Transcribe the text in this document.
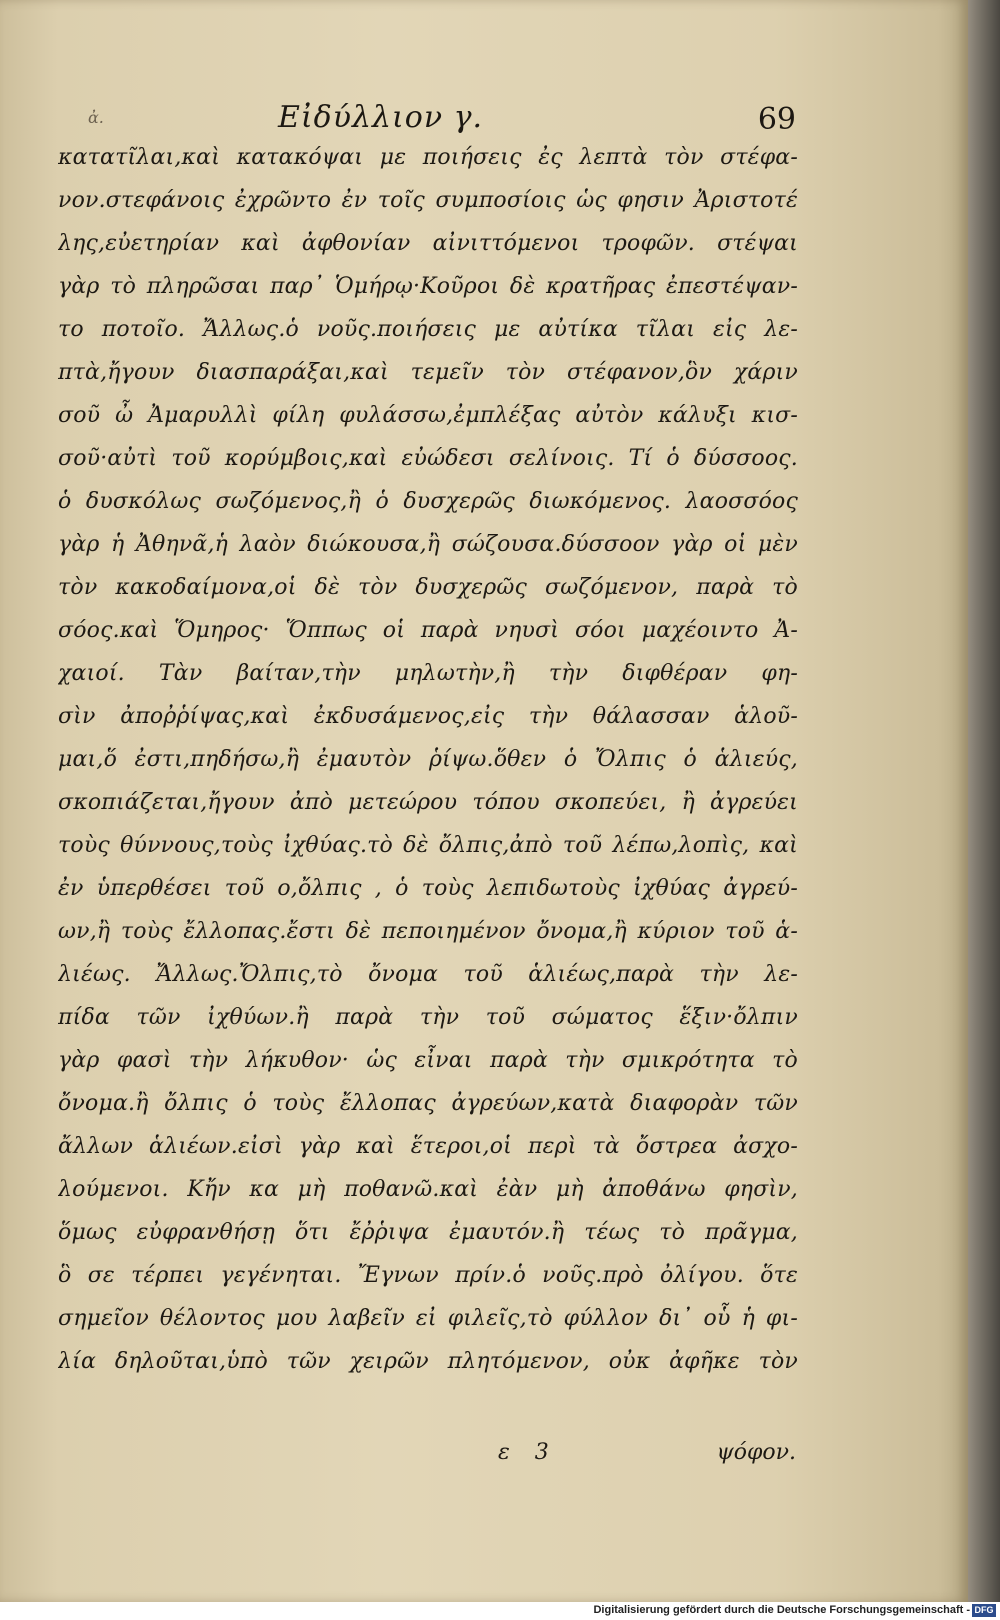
ἀ.	Εἰδύλλιον γ.	69
κατατῖλαι,καὶ κατακόψαι με ποιήσεις ἐς λεπτὰ τὸν στέφα-
νον.στεφάνοις ἐχρῶντο ἐν τοῖς συμποσίοις ὡς φησιν Ἀριστοτέ
λης,εὐετηρίαν καὶ ἀφθονίαν αἰνιττόμενοι τροφῶν. στέψαι
γὰρ τὸ πληρῶσαι παρ᾽ Ὁμήρῳ·Κοῦροι δὲ κρατῆρας ἐπεστέψαν-
το ποτοῖο. Ἄλλως.ὁ νοῦς.ποιήσεις με αὐτίκα τῖλαι εἰς λε-
πτὰ,ἤγουν διασπαράξαι,καὶ τεμεῖν τὸν στέφανον,ὃν χάριν
σοῦ ὦ Ἀμαρυλλὶ φίλη φυλάσσω,ἐμπλέξας αὐτὸν κάλυξι κισ-
σοῦ·αὐτὶ τοῦ κορύμβοις,καὶ εὐώδεσι σελίνοις. Τί ὁ δύσσοος.
ὁ δυσκόλως σωζόμενος,ἢ ὁ δυσχερῶς διωκόμενος. λαοσσόος
γὰρ ἡ Ἀθηνᾶ,ἡ λαὸν διώκουσα,ἢ σώζουσα.δύσσοον γὰρ οἱ μὲν
τὸν κακοδαίμονα,οἱ δὲ τὸν δυσχερῶς σωζόμενον, παρὰ τὸ
σόος.καὶ Ὅμηρος· Ὅππως οἱ παρὰ νηυσὶ σόοι μαχέοιντο Ἀ-
χαιοί. Τὰν βαίταν,τὴν μηλωτὴν,ἢ τὴν διφθέραν φη-
σὶν ἀποῤῥίψας,καὶ ἐκδυσάμενος,εἰς τὴν θάλασσαν ἁλοῦ-
μαι,ὅ ἐστι,πηδήσω,ἢ ἐμαυτὸν ῥίψω.ὅθεν ὁ Ὄλπις ὁ ἁλιεύς,
σκοπιάζεται,ἤγουν ἀπὸ μετεώρου τόπου σκοπεύει, ἢ ἀγρεύει
τοὺς θύννους,τοὺς ἰχθύας.τὸ δὲ ὄλπις,ἀπὸ τοῦ λέπω,λοπὶς, καὶ
ἐν ὑπερθέσει τοῦ ο,ὄλπις , ὁ τοὺς λεπιδωτοὺς ἰχθύας ἀγρεύ-
ων,ἢ τοὺς ἔλλοπας.ἔστι δὲ πεποιημένον ὄνομα,ἢ κύριον τοῦ ἁ-
λιέως. Ἄλλως.Ὄλπις,τὸ ὄνομα τοῦ ἁλιέως,παρὰ τὴν λε-
πίδα τῶν ἰχθύων.ἢ παρὰ τὴν τοῦ σώματος ἕξιν·ὄλπιν
γὰρ φασὶ τὴν λήκυθον· ὡς εἶναι παρὰ τὴν σμικρότητα τὸ
ὄνομα.ἢ ὄλπις ὁ τοὺς ἔλλοπας ἀγρεύων,κατὰ διαφορὰν τῶν
ἄλλων ἁλιέων.εἰσὶ γὰρ καὶ ἕτεροι,οἱ περὶ τὰ ὄστρεα ἀσχο-
λούμενοι. Κἤν κα μὴ ποθανῶ.καὶ ἐὰν μὴ ἀποθάνω φησὶν,
ὅμως εὐφρανθήσῃ ὅτι ἔῤῥιψα ἐμαυτόν.ἢ τέως τὸ πρᾶγμα,
ὃ σε τέρπει γεγένηται. Ἔγνων πρίν.ὁ νοῦς.πρὸ ὀλίγου. ὅτε
σημεῖον θέλοντος μου λαβεῖν εἰ φιλεῖς,τὸ φύλλον δι᾽ οὗ ἡ φι-
λία δηλοῦται,ὑπὸ τῶν χειρῶν πλητόμενον, οὐκ ἀφῆκε τὸν
ε 3	ψόφον.
Digitalisierung gefördert durch die Deutsche Forschungsgemeinschaft - DFG
